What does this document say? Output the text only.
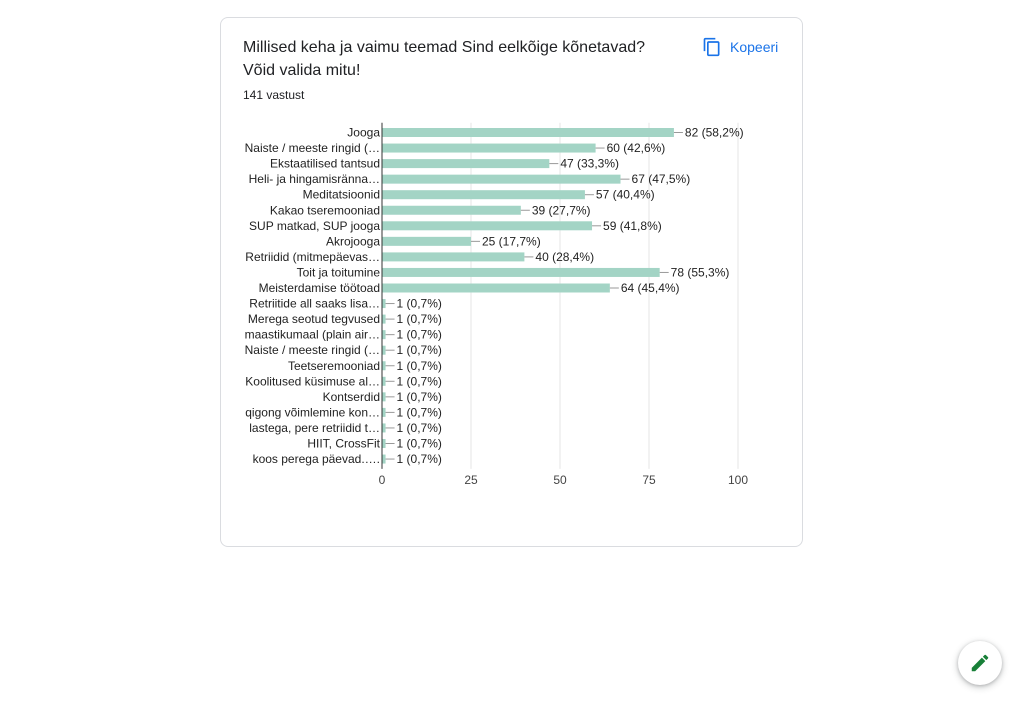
Millised keha ja vaimu teemad Sind eelkõige kõnetavad? Võid valida mitu!
Kopeeri
141 vastust
0	25	50	75	100
Jooga	82 (58,2%)
Naiste / meeste ringid (…	60 (42,6%)
Ekstaatilised tantsud	47 (33,3%)
Heli- ja hingamisränna…	67 (47,5%)
Meditatsioonid	57 (40,4%)
Kakao tseremooniad	39 (27,7%)
SUP matkad, SUP jooga	59 (41,8%)
Akrojooga	25 (17,7%)
Retriidid (mitmepäevas…	40 (28,4%)
Toit ja toitumine	78 (55,3%)
Meisterdamise töötoad	64 (45,4%)
Retriitide all saaks lisa… 1 (0,7%)
Merega seotud tegvused 1 (0,7%)
maastikumaal (plain air… 1 (0,7%)
Naiste / meeste ringid (… 1 (0,7%)
Teetseremooniad 1 (0,7%)
Koolitused küsimuse al… 1 (0,7%)
Kontserdid 1 (0,7%)
qigong võimlemine kon… 1 (0,7%)
lastega, pere retriidid t… 1 (0,7%)
HIIT, CrossFit 1 (0,7%)
koos perega päevad.…. 1 (0,7%)
